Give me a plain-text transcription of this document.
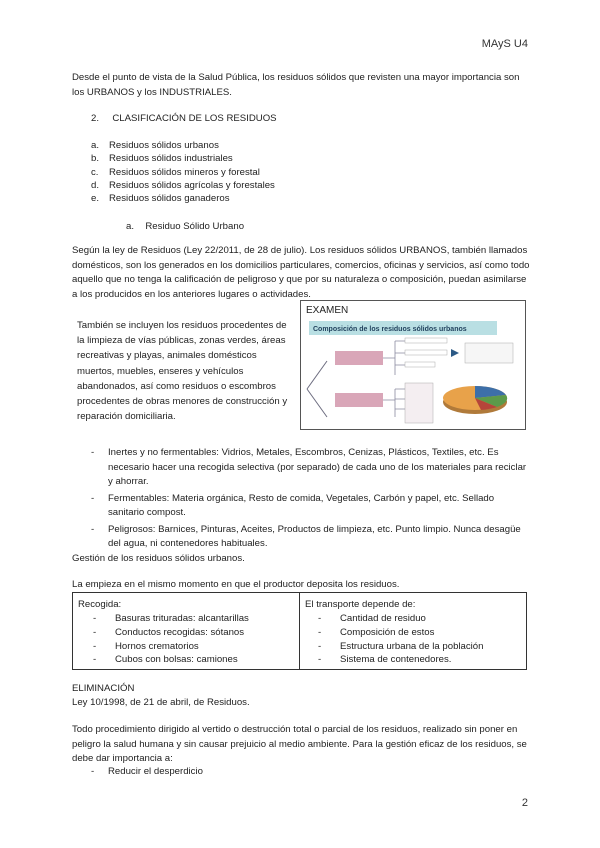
MAyS U4

Desde el punto de vista de la Salud Pública, los residuos sólidos que revisten una mayor importancia son los URBANOS y los INDUSTRIALES.

2. CLASIFICACIÓN DE LOS RESIDUOS
a. Residuos sólidos urbanos
b. Residuos sólidos industriales
c. Residuos sólidos mineros y forestal
d. Residuos sólidos agrícolas y forestales
e. Residuos sólidos ganaderos
a. Residuo Sólido Urbano

Según la ley de Residuos (Ley 22/2011, de 28 de julio). Los residuos sólidos URBANOS, también llamados domésticos, son los generados en los domicilios particulares, comercios, oficinas y servicios, así como todo aquello que no tenga la calificación de peligroso y que por su naturaleza o composición, puedan asimilarse a los producidos en los anteriores lugares o actividades.

También se incluyen los residuos procedentes de la limpieza de vías públicas, zonas verdes, áreas recreativas y playas, animales domésticos muertos, muebles, enseres y vehículos abandonados, así como residuos o escombros procedentes de obras menores de construcción y reparación domiciliaria.

EXAMEN
Composición de los residuos sólidos urbanos
- Inertes y no fermentables: Vidrios, Metales, Escombros, Cenizas, Plásticos, Textiles, etc. Es necesario hacer una recogida selectiva (por separado) de cada uno de los materiales para reciclar y ahorrar.
- Fermentables: Materia orgánica, Resto de comida, Vegetales, Carbón y papel, etc. Sellado sanitario compost.
- Peligrosos: Barnices, Pinturas, Aceites, Productos de limpieza, etc. Punto limpio. Nunca desagüe del agua, ni contenedores habituales.

Gestión de los residuos sólidos urbanos.

La empieza en el mismo momento en que el productor deposita los residuos.

Recogida:
- Basuras trituradas: alcantarillas
- Conductos recogidas: sótanos
- Hornos crematorios
- Cubos con bolsas: camiones
El transporte depende de:
- Cantidad de residuo
- Composición de estos
- Estructura urbana de la población
- Sistema de contenedores.

ELIMINACIÓN

Ley 10/1998, de 21 de abril, de Residuos.

Todo procedimiento dirigido al vertido o destrucción total o parcial de los residuos, realizado sin poner en peligro la salud humana y sin causar prejuicio al medio ambiente. Para la gestión eficaz de los residuos, se debe dar importancia a:

- Reducir el desperdicio
2
